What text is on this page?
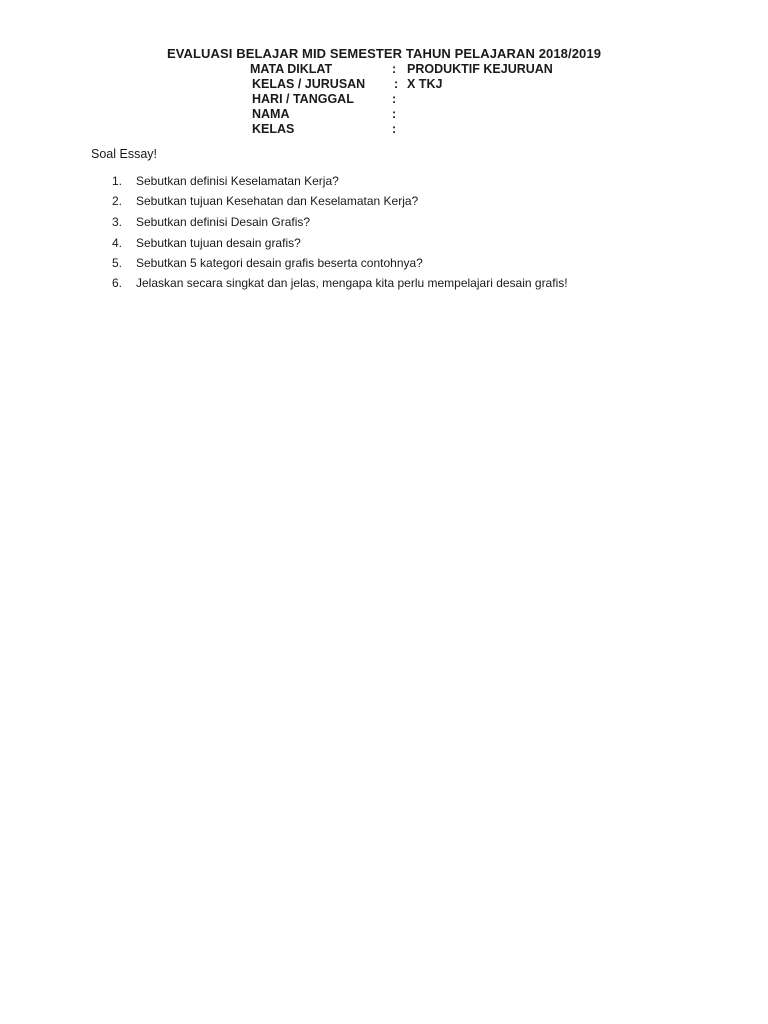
EVALUASI BELAJAR MID SEMESTER TAHUN PELAJARAN 2018/2019
MATA DIKLAT	: PRODUKTIF KEJURUAN
KELAS / JURUSAN : X TKJ
HARI / TANGGAL	:
NAMA	:
KELAS	:
Soal Essay!
1. Sebutkan definisi Keselamatan Kerja?
2. Sebutkan tujuan Kesehatan dan Keselamatan Kerja?
3. Sebutkan definisi Desain Grafis?
4. Sebutkan tujuan desain grafis?
5. Sebutkan 5 kategori desain grafis beserta contohnya?
6. Jelaskan secara singkat dan jelas, mengapa kita perlu mempelajari desain grafis!
